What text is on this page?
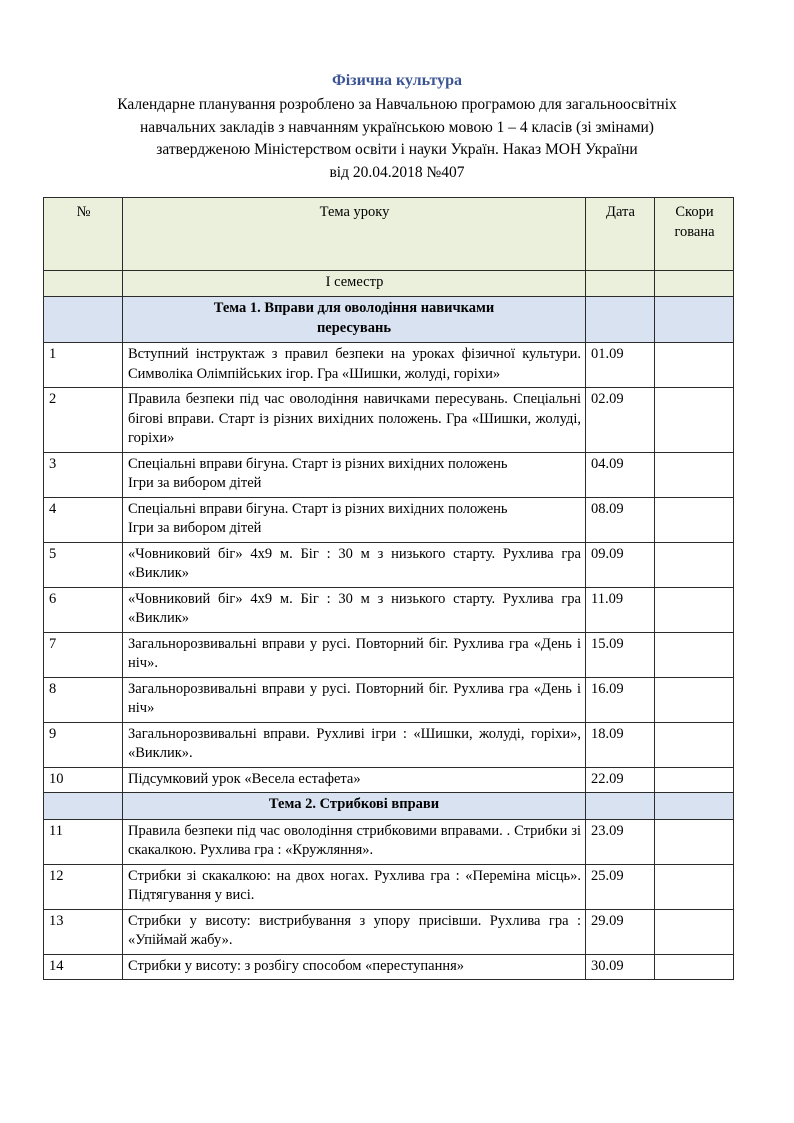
Фізична культура
Календарне планування розроблено за Навчальною програмою для загальноосвітніх
навчальних закладів з навчанням українською мовою 1 – 4 класів (зі змінами)
затвердженою Міністерством освіти і науки Україн. Наказ МОН України
від 20.04.2018 №407
№	Тема уроку	Дата	Скори
гована
	І семестр		
	Тема 1. Вправи для оволодіння навичками
пересувань		
1	Вступний інструктаж з правил безпеки на уроках фізичної культури. Символіка Олімпійських ігор. Гра «Шишки, жолуді, горіхи»	01.09	
2	Правила безпеки під час оволодіння навичками пересувань. Спеціальні бігові вправи. Старт із різних вихідних положень. Гра «Шишки, жолуді, горіхи»	02.09	
3	Спеціальні вправи бігуна. Старт із різних вихідних положень
Ігри за вибором дітей	04.09	
4	Спеціальні вправи бігуна. Старт із різних вихідних положень
Ігри за вибором дітей	08.09	
5	«Човниковий біг» 4х9 м. Біг : 30 м з низького старту. Рухлива гра «Виклик»	09.09	
6	«Човниковий біг» 4х9 м. Біг : 30 м з низького старту. Рухлива гра «Виклик»	11.09	
7	Загальнорозвивальні вправи у русі. Повторний біг. Рухлива гра «День і ніч».	15.09	
8	Загальнорозвивальні вправи у русі. Повторний біг. Рухлива гра «День і ніч»	16.09	
9	Загальнорозвивальні вправи. Рухливі ігри : «Шишки, жолуді, горіхи», «Виклик».	18.09	
10	Підсумковий урок «Весела естафета»	22.09	
	Тема 2. Стрибкові вправи		
11	Правила безпеки під час оволодіння стрибковими вправами. . Стрибки зі скакалкою. Рухлива гра : «Кружляння».	23.09	
12	Стрибки зі скакалкою: на двох ногах. Рухлива гра : «Переміна місць». Підтягування у висі.	25.09	
13	Стрибки у висоту: вистрибування з упору присівши. Рухлива гра : «Упіймай жабу».	29.09	
14	Стрибки у висоту: з розбігу способом «переступання»	30.09	
